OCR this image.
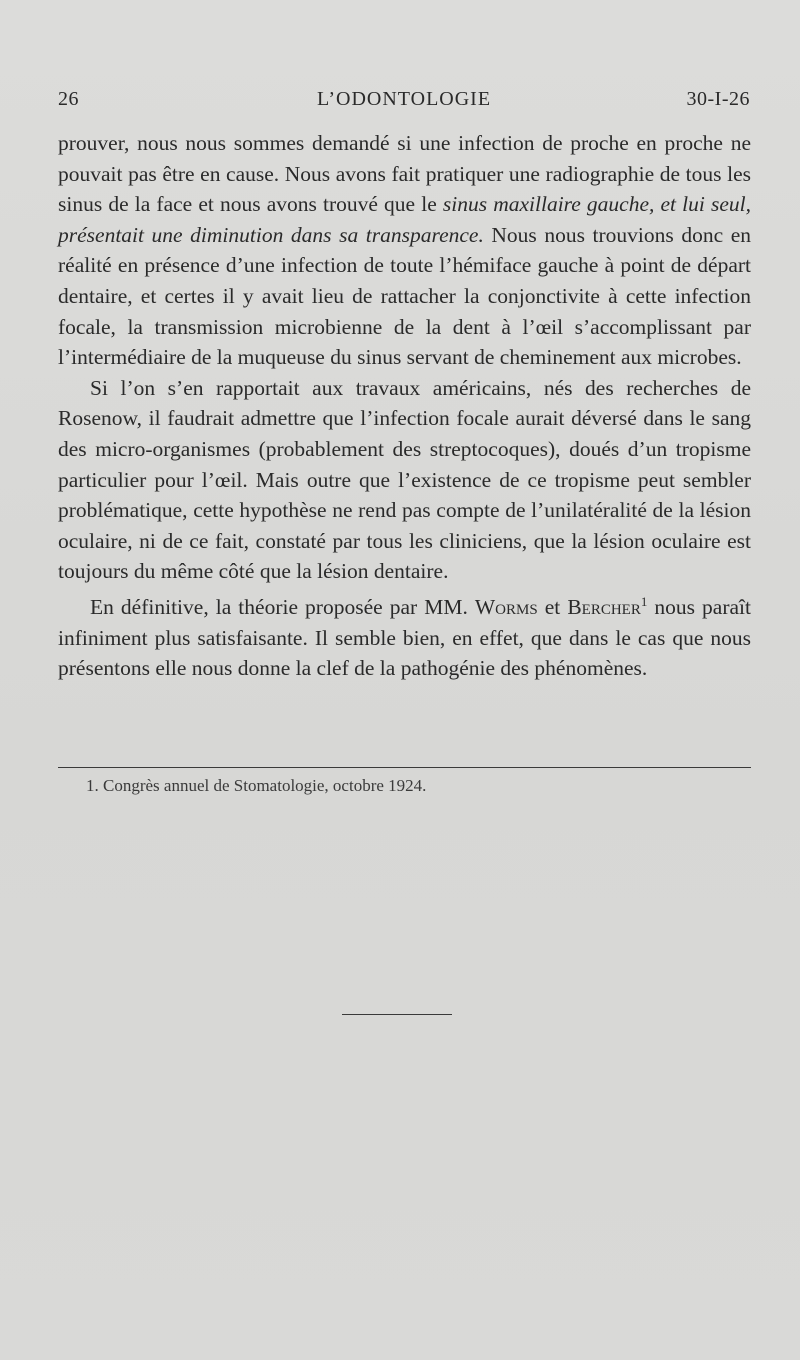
26	L’ODONTOLOGIE	30-I-26

prouver, nous nous sommes demandé si une infection de proche en proche ne pouvait pas être en cause. Nous avons fait pratiquer une radiographie de tous les sinus de la face et nous avons trouvé que le sinus maxillaire gauche, et lui seul, présentait une diminution dans sa transparence. Nous nous trouvions donc en réalité en présence d’une infection de toute l’hémiface gauche à point de départ dentaire, et certes il y avait lieu de rattacher la conjonctivite à cette infection focale, la transmission microbienne de la dent à l’œil s’accomplissant par l’intermédiaire de la muqueuse du sinus servant de cheminement aux microbes.

Si l’on s’en rapportait aux travaux américains, nés des recherches de Rosenow, il faudrait admettre que l’infection focale aurait déversé dans le sang des micro-organismes (probablement des streptocoques), doués d’un tropisme particulier pour l’œil. Mais outre que l’existence de ce tropisme peut sembler problématique, cette hypothèse ne rend pas compte de l’unilatéralité de la lésion oculaire, ni de ce fait, constaté par tous les cliniciens, que la lésion oculaire est toujours du même côté que la lésion dentaire.

En définitive, la théorie proposée par MM. Worms et Bercher$^1$ nous paraît infiniment plus satisfaisante. Il semble bien, en effet, que dans le cas que nous présentons elle nous donne la clef de la pathogénie des phénomènes.

1. Congrès annuel de Stomatologie, octobre 1924.
